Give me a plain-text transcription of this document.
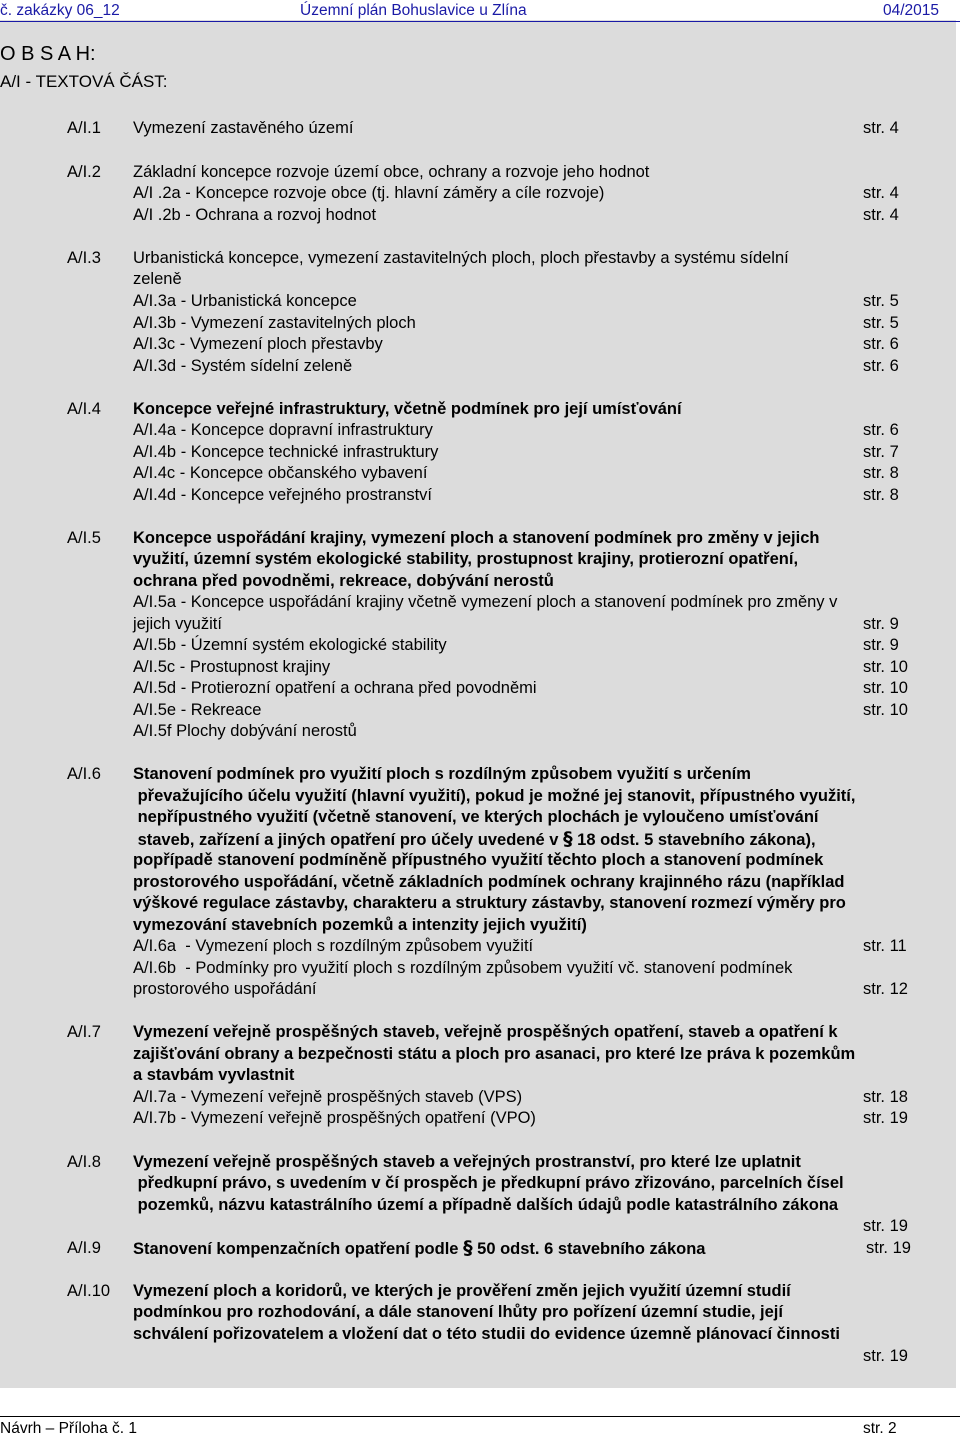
č. zakázky 06_12	Územní plán Bohuslavice u Zlína	04/2015
O B S A H:
A/I - TEXTOVÁ ČÁST:
A/I.1 Vymezení zastavěného území	str. 4
A/I.2 Základní koncepce rozvoje území obce, ochrany a rozvoje jeho hodnot
A/I .2a - Koncepce rozvoje obce (tj. hlavní záměry a cíle rozvoje)	str. 4
A/I .2b - Ochrana a rozvoj hodnot	str. 4
A/I.3 Urbanistická koncepce, vymezení zastavitelných ploch, ploch přestavby a systému sídelní
zeleně
A/I.3a - Urbanistická koncepce	str. 5
A/I.3b - Vymezení zastavitelných ploch	str. 5
A/I.3c - Vymezení ploch přestavby	str. 6
A/I.3d - Systém sídelní zeleně	str. 6
A/I.4 Koncepce veřejné infrastruktury, včetně podmínek pro její umísťování
A/I.4a - Koncepce dopravní infrastruktury	str. 6
A/I.4b - Koncepce technické infrastruktury	str. 7
A/I.4c - Koncepce občanského vybavení	str. 8
A/I.4d - Koncepce veřejného prostranství	str. 8
A/I.5 Koncepce uspořádání krajiny, vymezení ploch a stanovení podmínek pro změny v jejich
využití, územní systém ekologické stability, prostupnost krajiny, protierozní opatření,
ochrana před povodněmi, rekreace, dobývání nerostů
A/I.5a - Koncepce uspořádání krajiny včetně vymezení ploch a stanovení podmínek pro změny v
jejich využití	str. 9
A/I.5b - Územní systém ekologické stability	str. 9
A/I.5c - Prostupnost krajiny	str. 10
A/I.5d - Protierozní opatření a ochrana před povodněmi	str. 10
A/I.5e - Rekreace	str. 10
A/I.5f Plochy dobývání nerostů
A/I.6 Stanovení podmínek pro využití ploch s rozdílným způsobem využití s určením
převažujícího účelu využití (hlavní využití), pokud je možné jej stanovit, přípustného využití,
nepřípustného využití (včetně stanovení, ve kterých plochách je vyloučeno umísťování
staveb, zařízení a jiných opatření pro účely uvedené v § 18 odst. 5 stavebního zákona),
popřípadě stanovení podmíněně přípustného využití těchto ploch a stanovení podmínek
prostorového uspořádání, včetně základních podmínek ochrany krajinného rázu (například
výškové regulace zástavby, charakteru a struktury zástavby, stanovení rozmezí výměry pro
vymezování stavebních pozemků a intenzity jejich využití)
A/I.6a  - Vymezení ploch s rozdílným způsobem využití	str. 11
A/I.6b  - Podmínky pro využití ploch s rozdílným způsobem využití vč. stanovení podmínek
prostorového uspořádání	str. 12
A/I.7 Vymezení veřejně prospěšných staveb, veřejně prospěšných opatření, staveb a opatření k
zajišťování obrany a bezpečnosti státu a ploch pro asanaci, pro které lze práva k pozemkům
a stavbám vyvlastnit
A/I.7a - Vymezení veřejně prospěšných staveb (VPS)	str. 18
A/I.7b - Vymezení veřejně prospěšných opatření (VPO)	str. 19
A/I.8 Vymezení veřejně prospěšných staveb a veřejných prostranství, pro které lze uplatnit
předkupní právo, s uvedením v čí prospěch je předkupní právo zřizováno, parcelních čísel
pozemků, názvu katastrálního území a případně dalších údajů podle katastrálního zákona
str. 19
A/I.9 Stanovení kompenzačních opatření podle § 50 odst. 6 stavebního zákona	str. 19
A/I.10 Vymezení ploch a koridorů, ve kterých je prověření změn jejich využití územní studií
podmínkou pro rozhodování, a dále stanovení lhůty pro pořízení územní studie, její
schválení pořizovatelem a vložení dat o této studii do evidence územně plánovací činnosti
str. 19
Návrh – Příloha č. 1	str. 2
